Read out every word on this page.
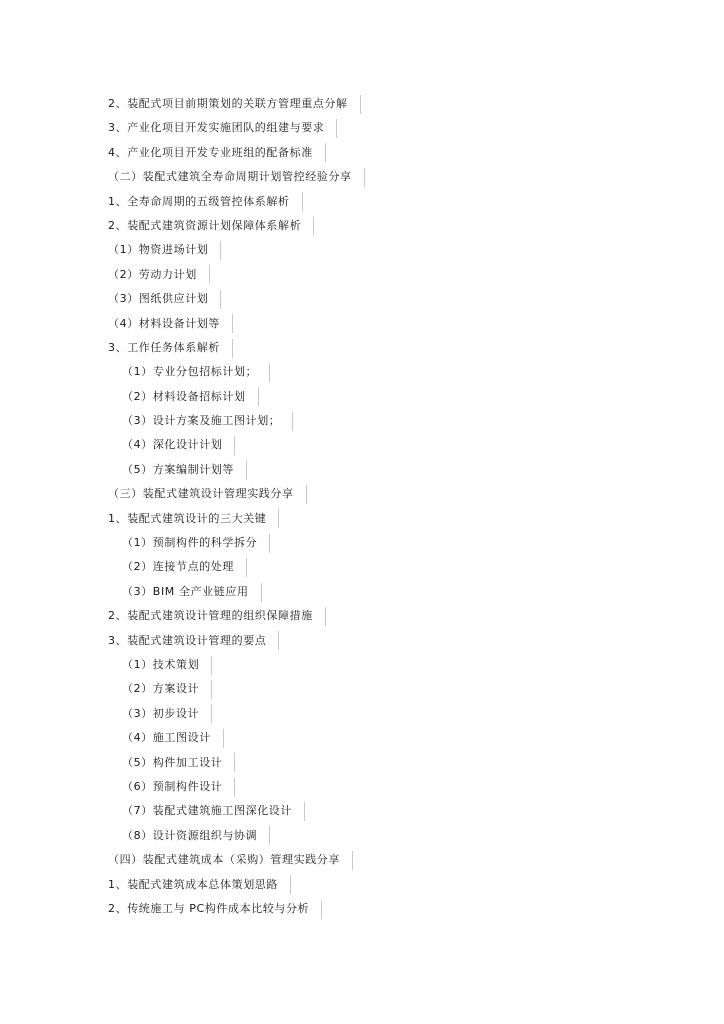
2、装配式项目前期策划的关联方管理重点分解
3、产业化项目开发实施团队的组建与要求
4、产业化项目开发专业班组的配备标准
（二）装配式建筑全寿命周期计划管控经验分享
1、全寿命周期的五级管控体系解析
2、装配式建筑资源计划保障体系解析
（1）物资进场计划
（2）劳动力计划
（3）图纸供应计划
（4）材料设备计划等
3、工作任务体系解析
（1）专业分包招标计划；
（2）材料设备招标计划
（3）设计方案及施工图计划；
（4）深化设计计划
（5）方案编制计划等
（三）装配式建筑设计管理实践分享
1、装配式建筑设计的三大关键
（1）预制构件的科学拆分
（2）连接节点的处理
（3）BIM 全产业链应用
2、装配式建筑设计管理的组织保障措施
3、装配式建筑设计管理的要点
（1）技术策划
（2）方案设计
（3）初步设计
（4）施工图设计
（5）构件加工设计
（6）预制构件设计
（7）装配式建筑施工图深化设计
（8）设计资源组织与协调
（四）装配式建筑成本（采购）管理实践分享
1、装配式建筑成本总体策划思路
2、传统施工与 PC构件成本比较与分析
